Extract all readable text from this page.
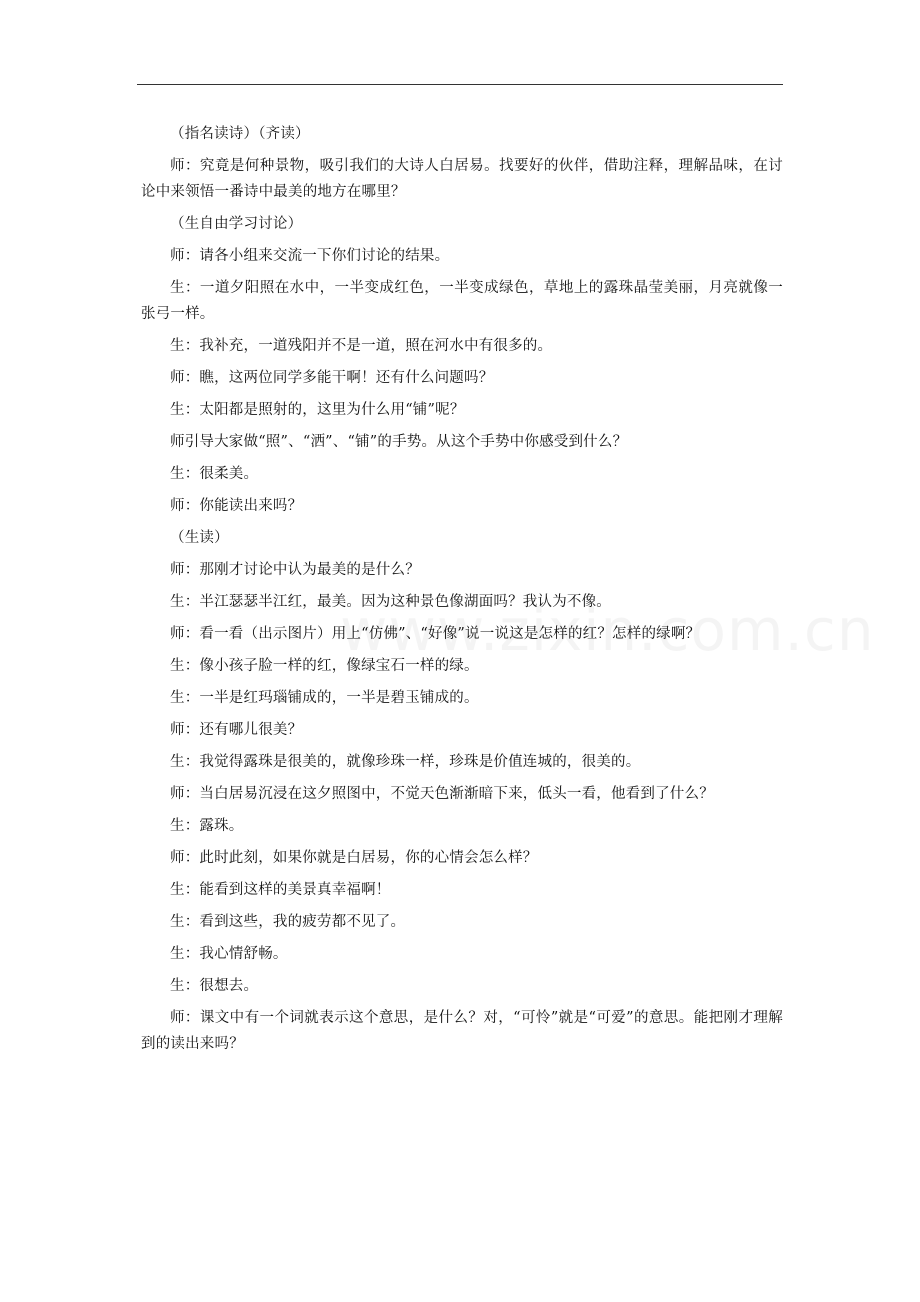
（指名读诗）（齐读）

师：究竟是何种景物，吸引我们的大诗人白居易。找要好的伙伴，借助注释，理解品味，在讨论中来领悟一番诗中最美的地方在哪里？

（生自由学习讨论）

师：请各小组来交流一下你们讨论的结果。

生：一道夕阳照在水中，一半变成红色，一半变成绿色，草地上的露珠晶莹美丽，月亮就像一张弓一样。

生：我补充，一道残阳并不是一道，照在河水中有很多的。

师：瞧，这两位同学多能干啊！还有什么问题吗？

生：太阳都是照射的，这里为什么用“铺”呢？

师引导大家做“照”、“洒”、“铺”的手势。从这个手势中你感受到什么？

生：很柔美。

师：你能读出来吗？

（生读）

师：那刚才讨论中认为最美的是什么？

生：半江瑟瑟半江红，最美。因为这种景色像湖面吗？我认为不像。

师：看一看（出示图片）用上“仿佛”、“好像”说一说这是怎样的红？怎样的绿啊？

生：像小孩子脸一样的红，像绿宝石一样的绿。

生：一半是红玛瑙铺成的，一半是碧玉铺成的。

师：还有哪儿很美？

生：我觉得露珠是很美的，就像珍珠一样，珍珠是价值连城的，很美的。

师：当白居易沉浸在这夕照图中，不觉天色渐渐暗下来，低头一看，他看到了什么？

生：露珠。

师：此时此刻，如果你就是白居易，你的心情会怎么样？

生：能看到这样的美景真幸福啊！

生：看到这些，我的疲劳都不见了。

生：我心情舒畅。

生：很想去。

师：课文中有一个词就表示这个意思，是什么？对，“可怜”就是“可爱”的意思。能把刚才理解到的读出来吗？
